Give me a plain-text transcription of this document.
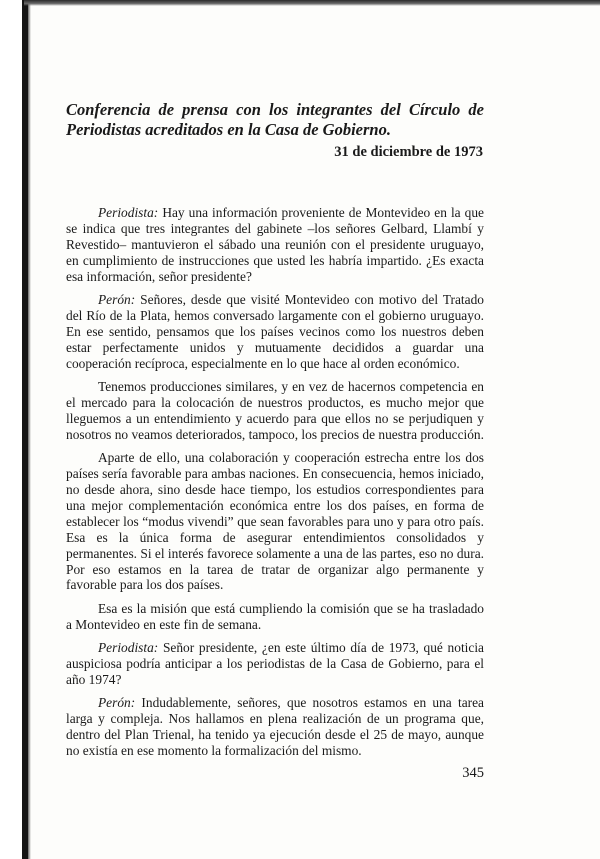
Conferencia de prensa con los integrantes del Círculo de Periodistas acreditados en la Casa de Gobierno.

31 de diciembre de 1973

Periodista: Hay una información proveniente de Montevideo en la que se indica que tres integrantes del gabinete –los señores Gelbard, Llambí y Revestido– mantuvieron el sábado una reunión con el presidente uruguayo, en cumplimiento de instrucciones que usted les habría impartido. ¿Es exacta esa información, señor presidente?

Perón: Señores, desde que visité Montevideo con motivo del Tratado del Río de la Plata, hemos conversado largamente con el gobierno uruguayo. En ese sentido, pensamos que los países vecinos como los nuestros deben estar perfectamente unidos y mutuamente decididos a guardar una cooperación recíproca, especialmente en lo que hace al orden económico.

Tenemos producciones similares, y en vez de hacernos competencia en el mercado para la colocación de nuestros productos, es mucho mejor que lleguemos a un entendimiento y acuerdo para que ellos no se perjudiquen y nosotros no veamos deteriorados, tampoco, los precios de nuestra producción.

Aparte de ello, una colaboración y cooperación estrecha entre los dos países sería favorable para ambas naciones. En consecuencia, hemos iniciado, no desde ahora, sino desde hace tiempo, los estudios correspondientes para una mejor complementación económica entre los dos países, en forma de establecer los “modus vivendi” que sean favorables para uno y para otro país. Esa es la única forma de asegurar entendimientos consolidados y permanentes. Si el interés favorece solamente a una de las partes, eso no dura. Por eso estamos en la tarea de tratar de organizar algo permanente y favorable para los dos países.

Esa es la misión que está cumpliendo la comisión que se ha trasladado a Montevideo en este fin de semana.

Periodista: Señor presidente, ¿en este último día de 1973, qué noticia auspiciosa podría anticipar a los periodistas de la Casa de Gobierno, para el año 1974?

Perón: Indudablemente, señores, que nosotros estamos en una tarea larga y compleja. Nos hallamos en plena realización de un programa que, dentro del Plan Trienal, ha tenido ya ejecución desde el 25 de mayo, aunque no existía en ese momento la formalización del mismo.

345
